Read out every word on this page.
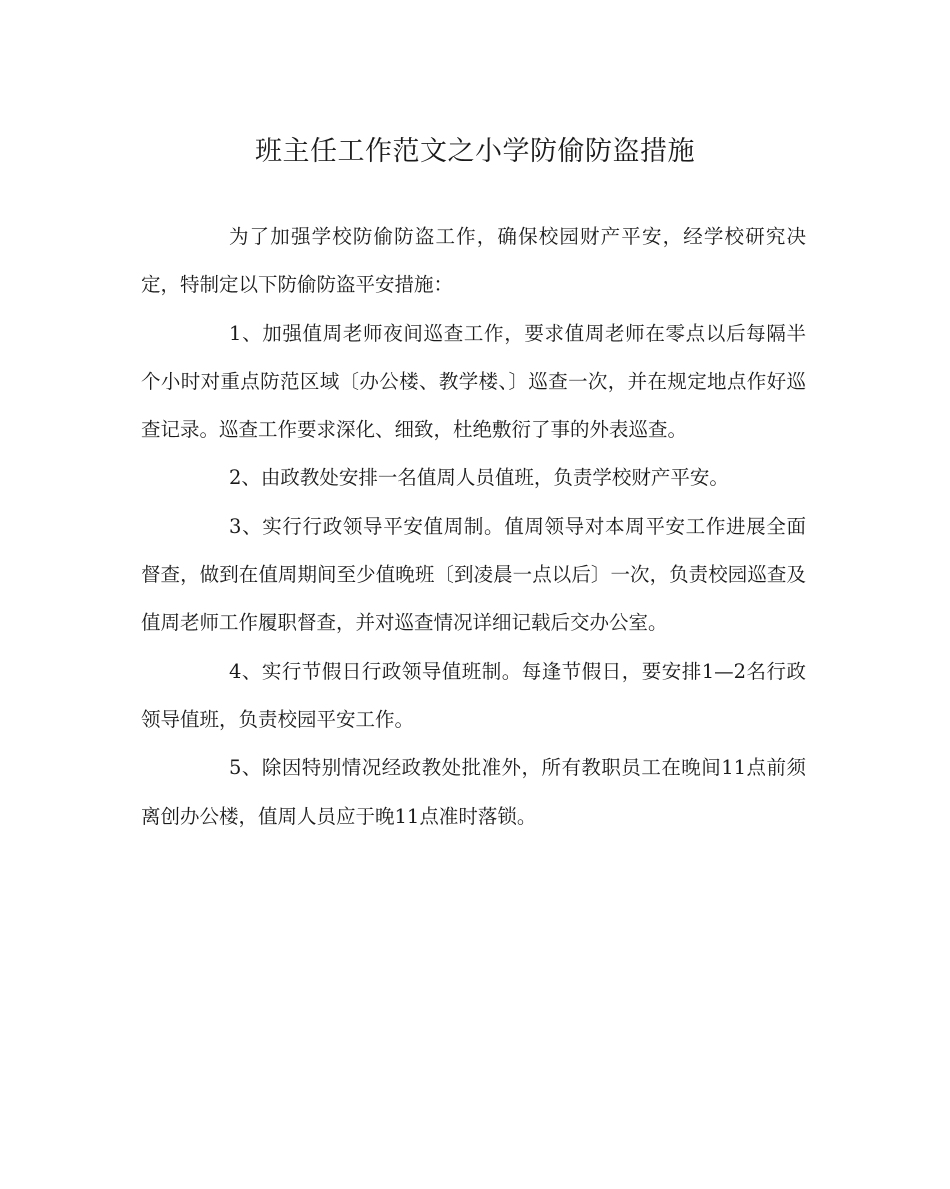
班主任工作范文之小学防偷防盗措施

为了加强学校防偷防盗工作，确保校园财产平安，经学校研究决定，特制定以下防偷防盗平安措施：

1、加强值周老师夜间巡查工作，要求值周老师在零点以后每隔半个小时对重点防范区域〔办公楼、教学楼、〕巡查一次，并在规定地点作好巡查记录。巡查工作要求深化、细致，杜绝敷衍了事的外表巡查。

2、由政教处安排一名值周人员值班，负责学校财产平安。

3、实行行政领导平安值周制。值周领导对本周平安工作进展全面督查，做到在值周期间至少值晚班〔到凌晨一点以后〕一次，负责校园巡查及值周老师工作履职督查，并对巡查情况详细记载后交办公室。

4、实行节假日行政领导值班制。每逢节假日，要安排1—2名行政领导值班，负责校园平安工作。

5、除因特别情况经政教处批准外，所有教职员工在晚间11点前须离创办公楼，值周人员应于晚11点准时落锁。
